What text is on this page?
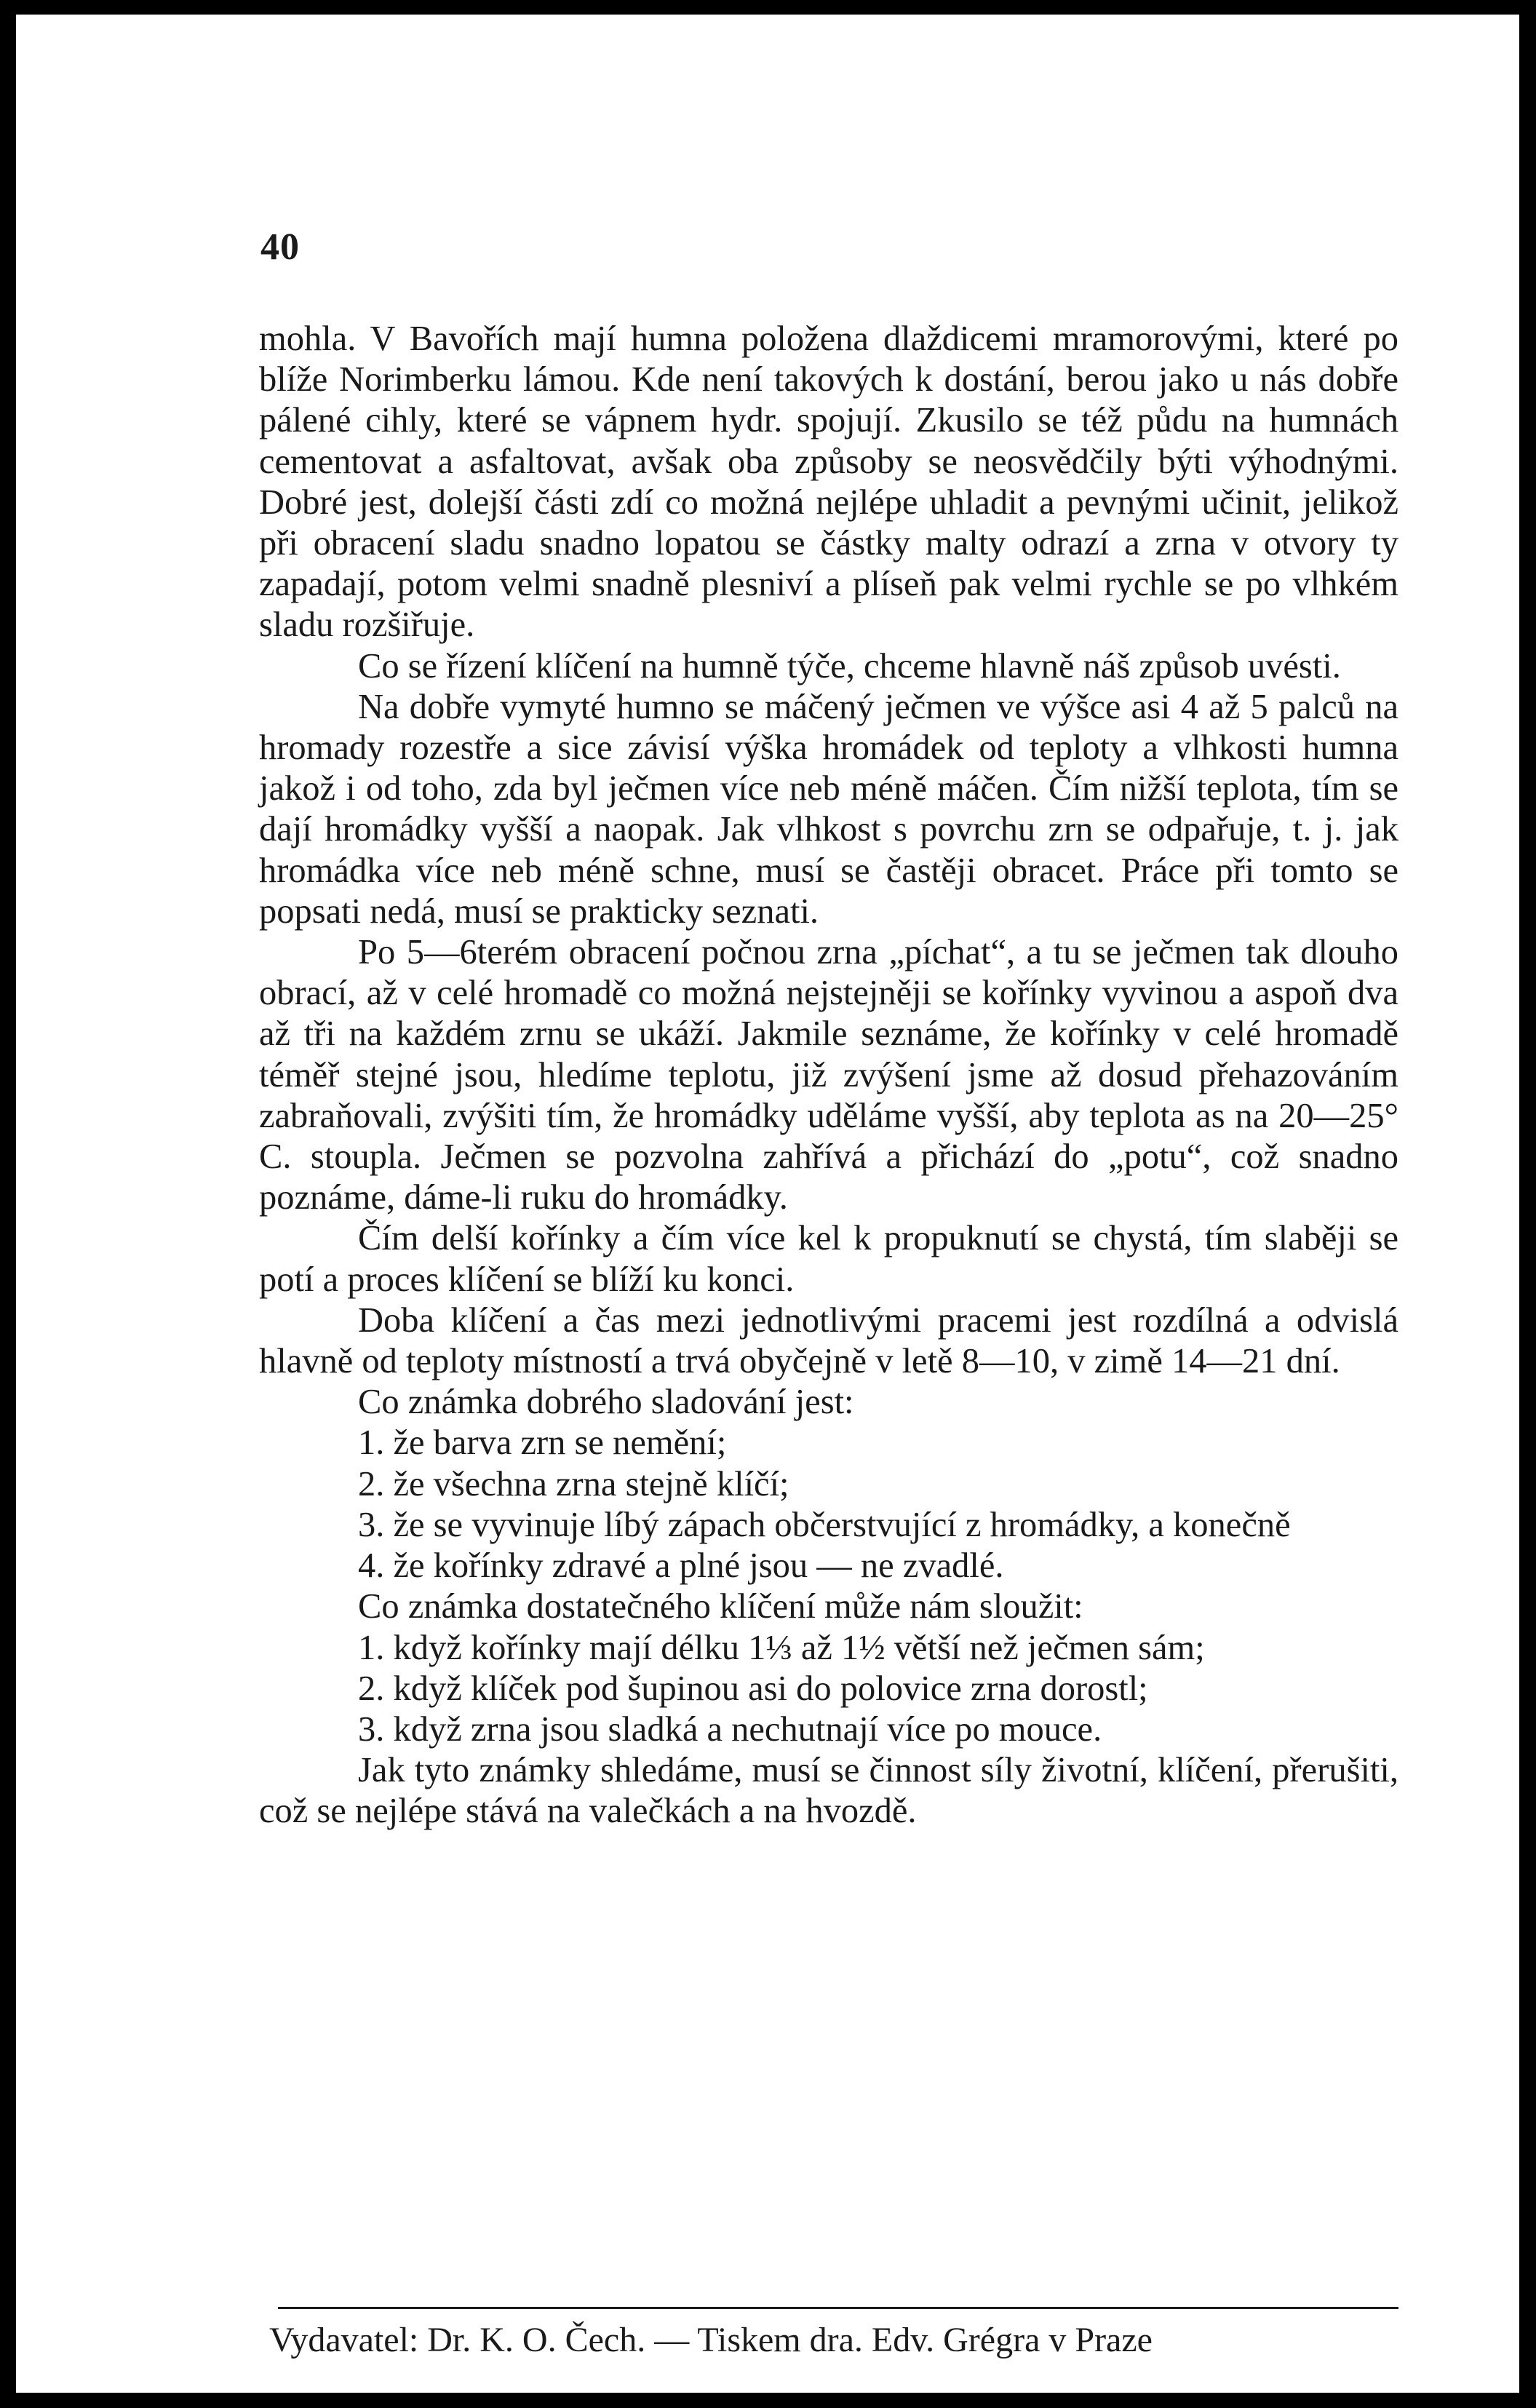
40

mohla. V Bavořích mají humna položena dlaždicemi mramorovými, které po blíže Norimberku lámou. Kde není takových k dostání, berou jako u nás dobře pálené cihly, které se vápnem hydr. spojují. Zkusilo se též půdu na humnách cementovat a asfaltovat, avšak oba způsoby se neosvědčily býti výhodnými. Dobré jest, dolejší části zdí co možná nejlépe uhladit a pevnými učinit, jelikož při obracení sladu snadno lopatou se částky malty odrazí a zrna v otvory ty zapadají, potom velmi snadně plesniví a plíseň pak velmi rychle se po vlhkém sladu rozšiřuje.

Co se řízení klíčení na humně týče, chceme hlavně náš způsob uvésti.

Na dobře vymyté humno se máčený ječmen ve výšce asi 4 až 5 palců na hromady rozestře a sice závisí výška hromádek od teploty a vlhkosti humna jakož i od toho, zda byl ječmen více neb méně máčen. Čím nižší teplota, tím se dají hromádky vyšší a naopak. Jak vlhkost s povrchu zrn se odpařuje, t. j. jak hromádka více neb méně schne, musí se častěji obracet. Práce při tomto se popsati nedá, musí se prakticky seznati.

Po 5—6terém obracení počnou zrna „píchat“, a tu se ječmen tak dlouho obrací, až v celé hromadě co možná nejstejněji se kořínky vyvinou a aspoň dva až tři na každém zrnu se ukáží. Jakmile seznáme, že kořínky v celé hromadě téměř stejné jsou, hledíme teplotu, již zvýšení jsme až dosud přehazováním zabraňovali, zvýšiti tím, že hromádky uděláme vyšší, aby teplota as na 20—25° C. stoupla. Ječmen se pozvolna zahřívá a přichází do „potu“, což snadno poznáme, dáme-li ruku do hromádky.

Čím delší kořínky a čím více kel k propuknutí se chystá, tím slaběji se potí a proces klíčení se blíží ku konci.

Doba klíčení a čas mezi jednotlivými pracemi jest rozdílná a odvislá hlavně od teploty místností a trvá obyčejně v letě 8—10, v zimě 14—21 dní.

Co známka dobrého sladování jest:

1. že barva zrn se nemění;

2. že všechna zrna stejně klíčí;

3. že se vyvinuje líbý zápach občerstvující z hromádky, a konečně

4. že kořínky zdravé a plné jsou — ne zvadlé.

Co známka dostatečného klíčení může nám sloužit:

1. když kořínky mají délku 1⅓ až 1½ větší než ječmen sám;

2. když klíček pod šupinou asi do polovice zrna dorostl;

3. když zrna jsou sladká a nechutnají více po mouce.

Jak tyto známky shledáme, musí se činnost síly životní, klíčení, přerušiti, což se nejlépe stává na valečkách a na hvozdě.

Vydavatel: Dr. K. O. Čech. — Tiskem dra. Edv. Grégra v Praze
